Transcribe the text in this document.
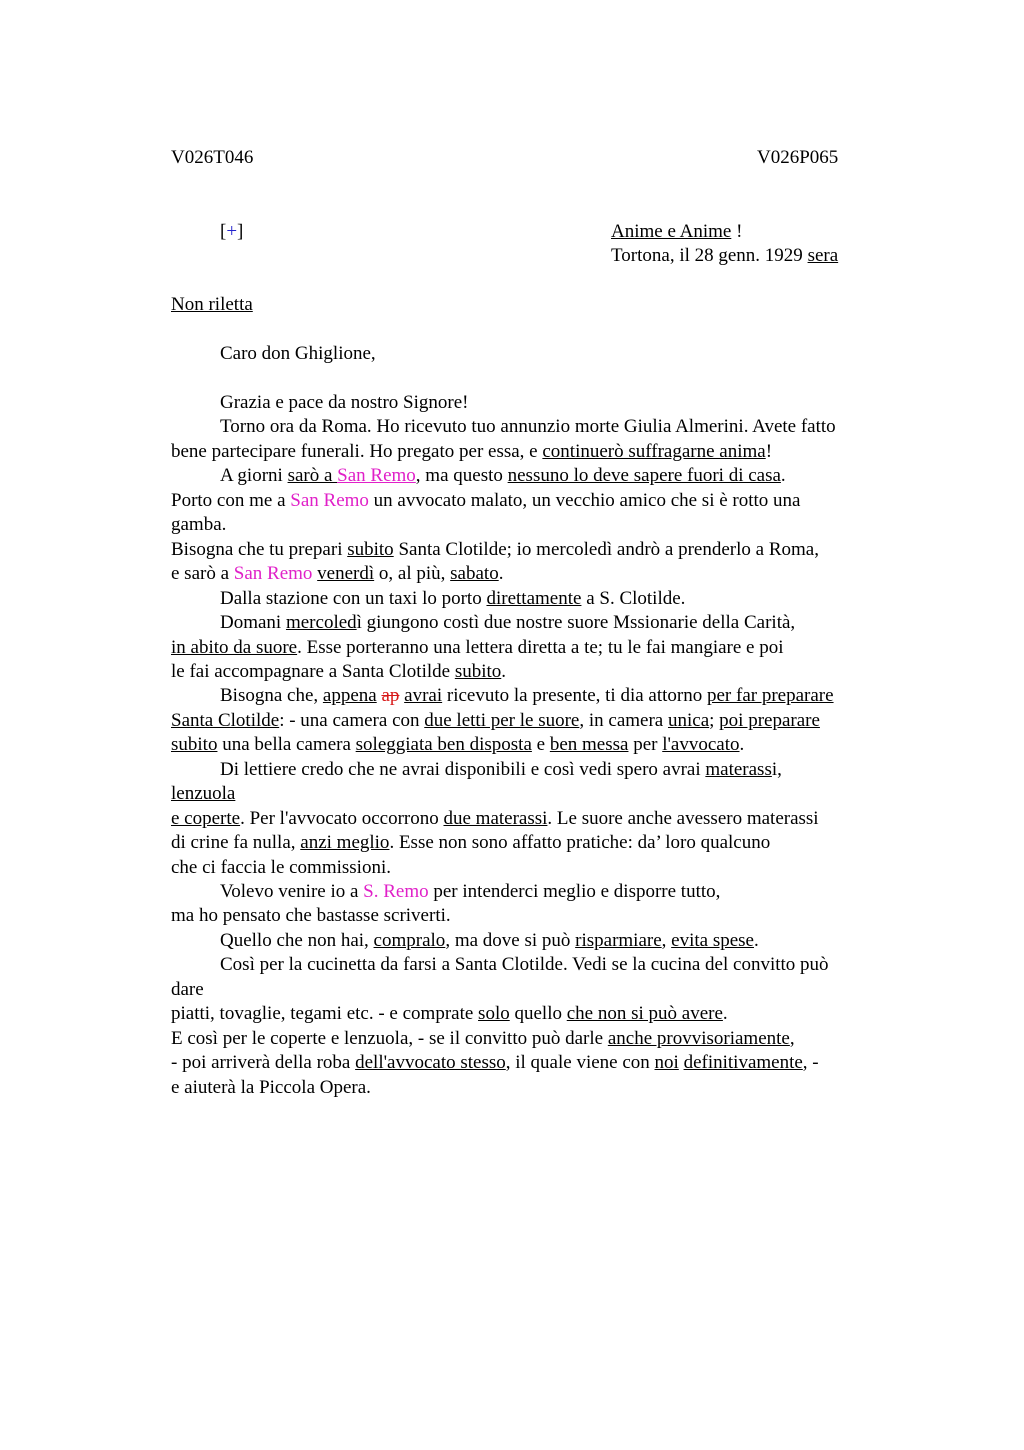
V026T046	V026P065
[+]	Anime e Anime !
Tortona, il 28 genn. 1929 sera
Non riletta
Caro don Ghiglione,
Grazia e pace da nostro Signore!
Torno ora da Roma. Ho ricevuto tuo annunzio morte Giulia Almerini. Avete fatto
bene partecipare funerali. Ho pregato per essa, e continuerò suffragarne anima!
A giorni sarò a San Remo, ma questo nessuno lo deve sapere fuori di casa.
Porto con me a San Remo un avvocato malato, un vecchio amico che si è rotto una
gamba.
Bisogna che tu prepari subito Santa Clotilde; io mercoledì andrò a prenderlo a Roma,
e sarò a San Remo venerdì o, al più, sabato.
Dalla stazione con un taxi lo porto direttamente a S. Clotilde.
Domani mercoledì giungono costì due nostre suore Mssionarie della Carità,
in abito da suore. Esse porteranno una lettera diretta a te; tu le fai mangiare e poi
le fai accompagnare a Santa Clotilde subito.
Bisogna che, appena ap avrai ricevuto la presente, ti dia attorno per far preparare
Santa Clotilde: - una camera con due letti per le suore, in camera unica; poi preparare
subito una bella camera soleggiata ben disposta e ben messa per l'avvocato.
Di lettiere credo che ne avrai disponibili e così vedi spero avrai materassi,
lenzuola
e coperte. Per l'avvocato occorrono due materassi. Le suore anche avessero materassi
di crine fa nulla, anzi meglio. Esse non sono affatto pratiche: da’ loro qualcuno
che ci faccia le commissioni.
Volevo venire io a S. Remo per intenderci meglio e disporre tutto,
ma ho pensato che bastasse scriverti.
Quello che non hai, compralo, ma dove si può risparmiare, evita spese.
Così per la cucinetta da farsi a Santa Clotilde. Vedi se la cucina del convitto può
dare
piatti, tovaglie, tegami etc. - e comprate solo quello che non si può avere.
E così per le coperte e lenzuola, - se il convitto può darle anche provvisoriamente,
- poi arriverà della roba dell'avvocato stesso, il quale viene con noi definitivamente, -
e aiuterà la Piccola Opera.
